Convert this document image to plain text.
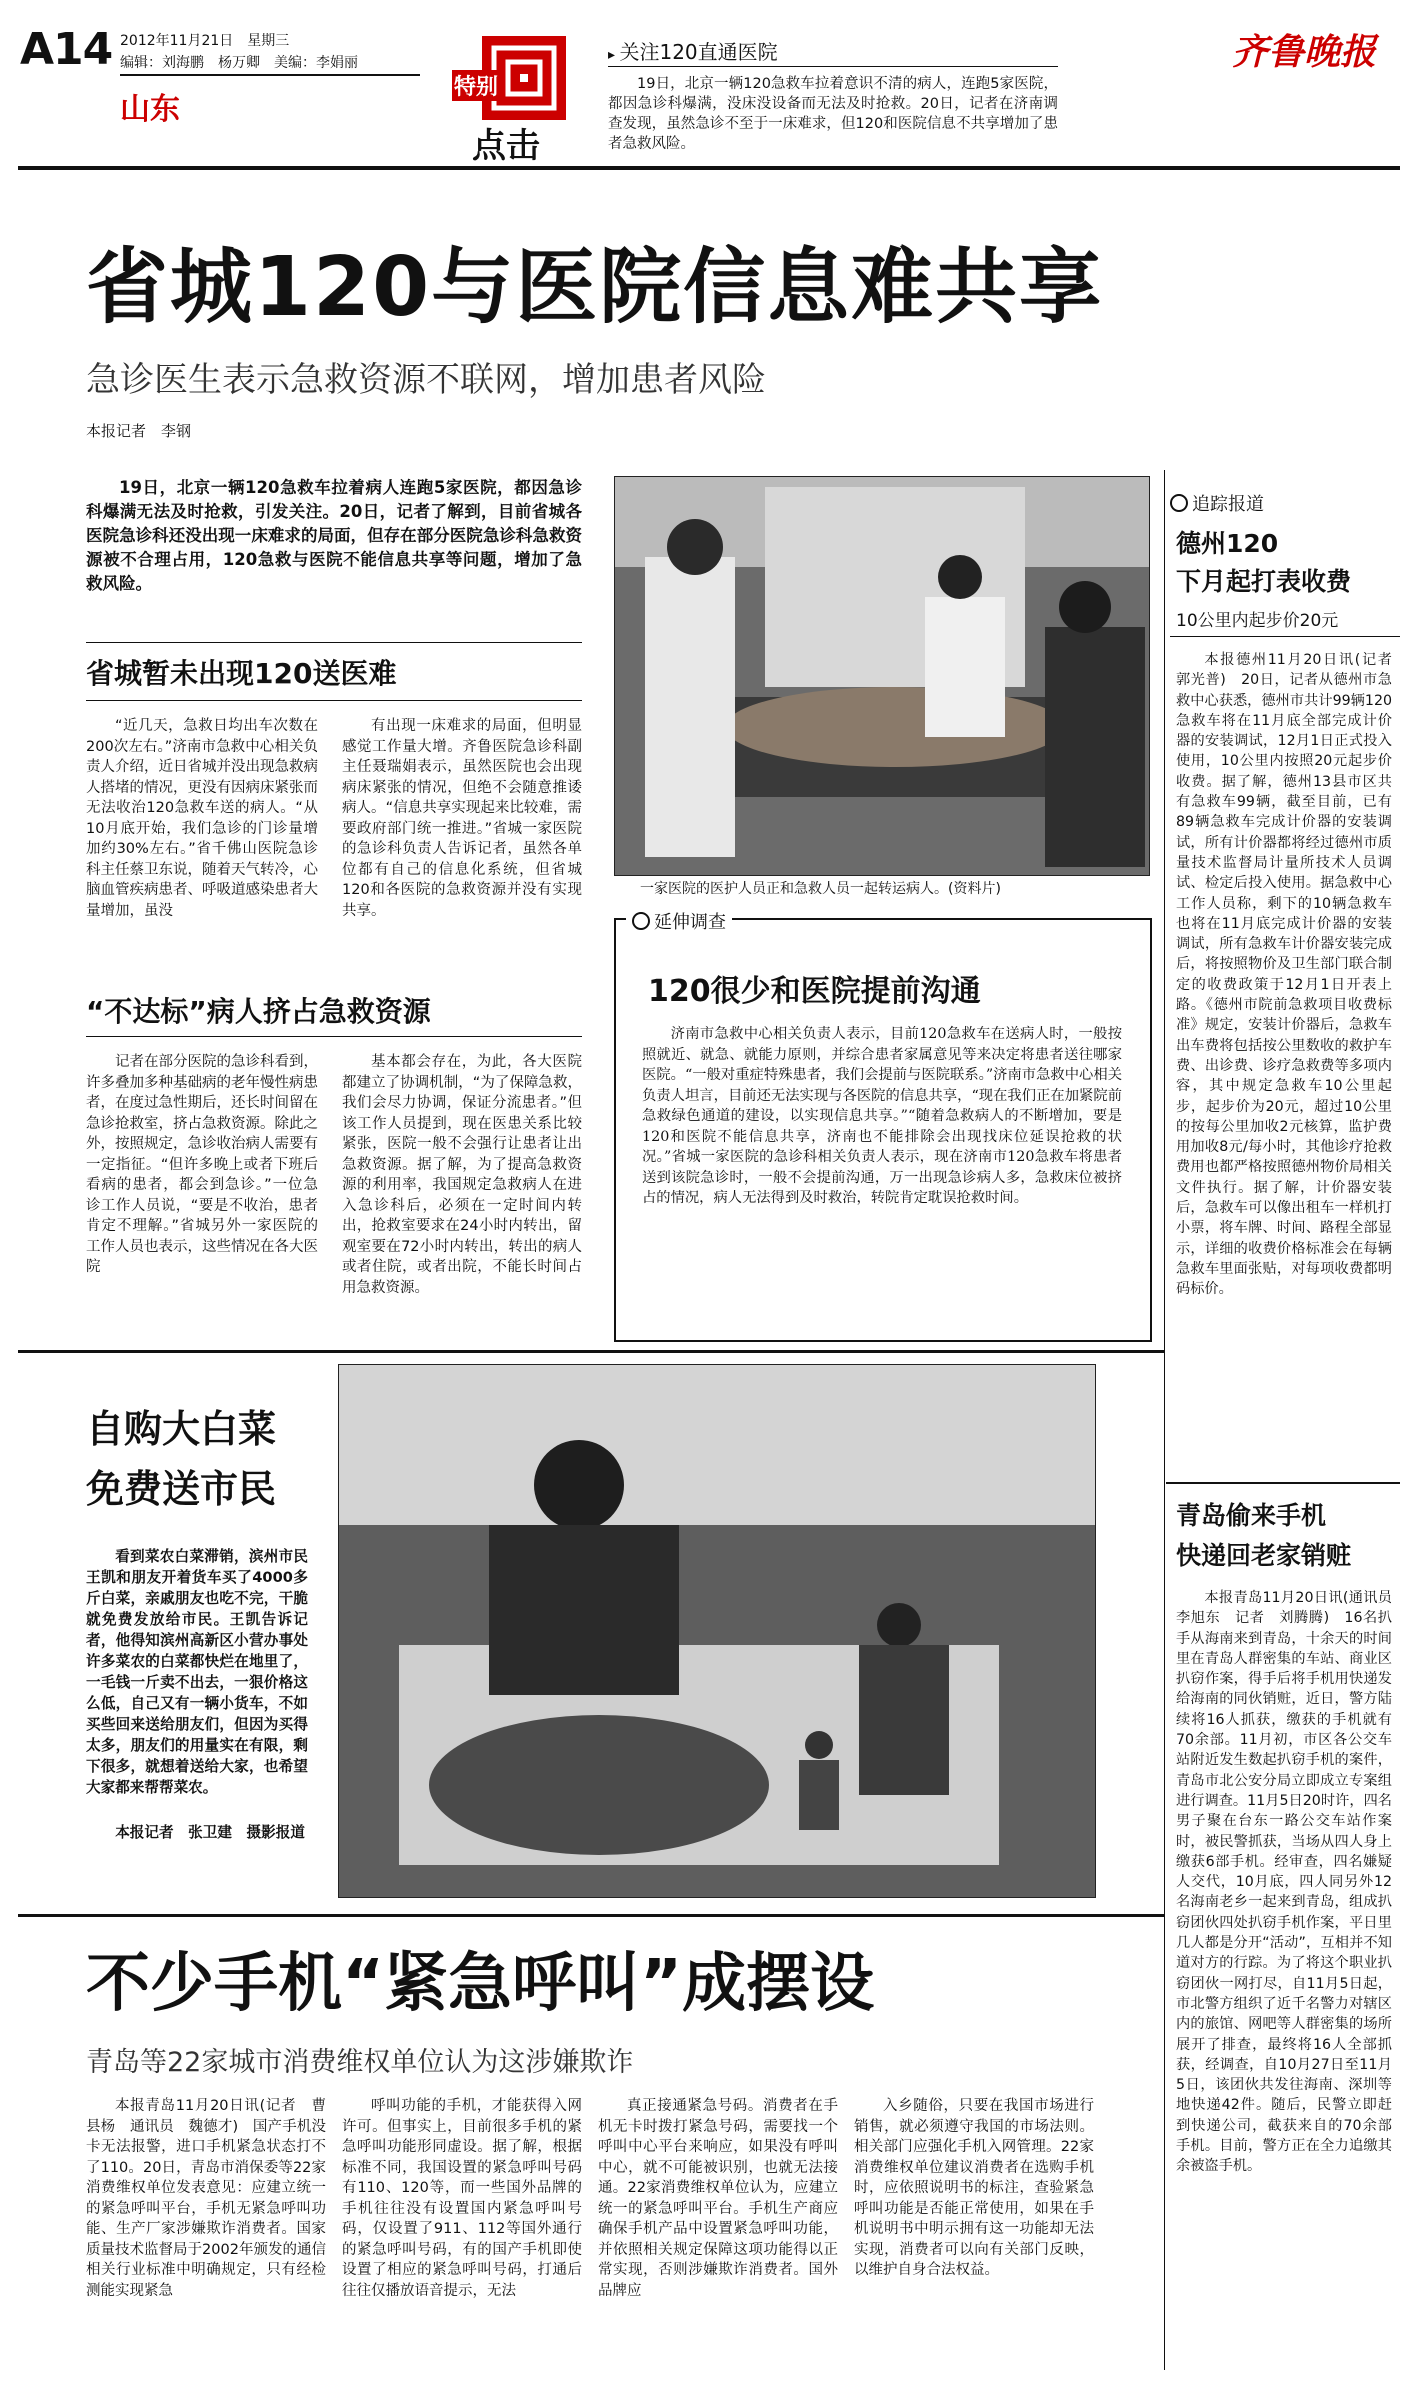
A14 2012年11月21日　星期三
编辑：刘海鹏　杨万卿　美编：李娟丽
山东
齐鲁晚报
特别
点击
▸ 关注120直通医院
19日，北京一辆120急救车拉着意识不清的病人，连跑5家医院，都因急诊科爆满，没床没设备而无法及时抢救。20日，记者在济南调查发现，虽然急诊不至于一床难求，但120和医院信息不共享增加了患者急救风险。
省城120与医院信息难共享
急诊医生表示急救资源不联网，增加患者风险
本报记者　李钢
19日，北京一辆120急救车拉着病人连跑5家医院，都因急诊科爆满无法及时抢救，引发关注。20日，记者了解到，目前省城各医院急诊科还没出现一床难求的局面，但存在部分医院急诊科急救资源被不合理占用，120急救与医院不能信息共享等问题，增加了急救风险。
一家医院的医护人员正和急救人员一起转运病人。(资料片)
省城暂未出现120送医难

“近几天，急救日均出车次数在200次左右。”济南市急救中心相关负责人介绍，近日省城并没出现急救病人搭堵的情况，更没有因病床紧张而无法收治120急救车送的病人。“从10月底开始，我们急诊的门诊量增加约30%左右。”省千佛山医院急诊科主任蔡卫东说，随着天气转冷，心脑血管疾病患者、呼吸道感染患者大量增加，虽没

有出现一床难求的局面，但明显感觉工作量大增。齐鲁医院急诊科副主任聂瑞娟表示，虽然医院也会出现病床紧张的情况，但绝不会随意推诿病人。“信息共享实现起来比较难，需要政府部门统一推进。”省城一家医院的急诊科负责人告诉记者，虽然各单位都有自己的信息化系统，但省城120和各医院的急救资源并没有实现共享。

“不达标”病人挤占急救资源

记者在部分医院的急诊科看到，许多叠加多种基础病的老年慢性病患者，在度过急性期后，还长时间留在急诊抢救室，挤占急救资源。除此之外，按照规定，急诊收治病人需要有一定指征。“但许多晚上或者下班后看病的患者，都会到急诊。”一位急诊工作人员说，“要是不收治，患者肯定不理解。”省城另外一家医院的工作人员也表示，这些情况在各大医院

基本都会存在，为此，各大医院都建立了协调机制，“为了保障急救，我们会尽力协调，保证分流患者。”但该工作人员提到，现在医患关系比较紧张，医院一般不会强行让患者让出急救资源。据了解，为了提高急救资源的利用率，我国规定急救病人在进入急诊科后，必须在一定时间内转出，抢救室要求在24小时内转出，留观室要在72小时内转出，转出的病人或者住院，或者出院，不能长时间占用急救资源。

延伸调查
120很少和医院提前沟通
济南市急救中心相关负责人表示，目前120急救车在送病人时，一般按照就近、就急、就能力原则，并综合患者家属意见等来决定将患者送往哪家医院。“一般对重症特殊患者，我们会提前与医院联系。”济南市急救中心相关负责人坦言，目前还无法实现与各医院的信息共享，“现在我们正在加紧院前急救绿色通道的建设，以实现信息共享。”“随着急救病人的不断增加，要是120和医院不能信息共享，济南也不能排除会出现找床位延误抢救的状况。”省城一家医院的急诊科相关负责人表示，现在济南市120急救车将患者送到该院急诊时，一般不会提前沟通，万一出现急诊病人多，急救床位被挤占的情况，病人无法得到及时救治，转院肯定耽误抢救时间。
追踪报道
德州120
下月起打表收费
10公里内起步价20元

本报德州11月20日讯(记者 郭光普)　20日，记者从德州市急救中心获悉，德州市共计99辆120急救车将在11月底全部完成计价器的安装调试，12月1日正式投入使用，10公里内按照20元起步价收费。据了解，德州13县市区共有急救车99辆，截至目前，已有89辆急救车完成计价器的安装调试，所有计价器都将经过德州市质量技术监督局计量所技术人员调试、检定后投入使用。据急救中心工作人员称，剩下的10辆急救车也将在11月底完成计价器的安装调试，所有急救车计价器安装完成后，将按照物价及卫生部门联合制定的收费政策于12月1日开表上路。《德州市院前急救项目收费标准》规定，安装计价器后，急救车出车费将包括按公里数收的救护车费、出诊费、诊疗急救费等多项内容，其中规定急救车10公里起步，起步价为20元，超过10公里的按每公里加收2元核算，监护费用加收8元/每小时，其他诊疗抢救费用也都严格按照德州物价局相关文件执行。据了解，计价器安装后，急救车可以像出租车一样机打小票，将车牌、时间、路程全部显示，详细的收费价格标准会在每辆急救车里面张贴，对每项收费都明码标价。

青岛偷来手机
快递回老家销赃

本报青岛11月20日讯(通讯员　李旭东　记者　刘腾腾)　16名扒手从海南来到青岛，十余天的时间里在青岛人群密集的车站、商业区扒窃作案，得手后将手机用快递发给海南的同伙销赃，近日，警方陆续将16人抓获，缴获的手机就有70余部。11月初，市区各公交车站附近发生数起扒窃手机的案件，青岛市北公安分局立即成立专案组进行调查。11月5日20时许，四名男子聚在台东一路公交车站作案时，被民警抓获，当场从四人身上缴获6部手机。经审查，四名嫌疑人交代，10月底，四人同另外12名海南老乡一起来到青岛，组成扒窃团伙四处扒窃手机作案，平日里几人都是分开“活动”，互相并不知道对方的行踪。为了将这个职业扒窃团伙一网打尽，自11月5日起，市北警方组织了近千名警力对辖区内的旅馆、网吧等人群密集的场所展开了排查，最终将16人全部抓获，经调查，自10月27日至11月5日，该团伙共发往海南、深圳等地快递42件。随后，民警立即赶到快递公司，截获来自的70余部手机。目前，警方正在全力追缴其余被盗手机。

自购大白菜
免费送市民

看到菜农白菜滞销，滨州市民王凯和朋友开着货车买了4000多斤白菜，亲戚朋友也吃不完，干脆就免费发放给市民。王凯告诉记者，他得知滨州高新区小营办事处许多菜农的白菜都快烂在地里了，一毛钱一斤卖不出去，一狠价格这么低，自己又有一辆小货车，不如买些回来送给朋友们，但因为买得太多，朋友们的用量实在有限，剩下很多，就想着送给大家，也希望大家都来帮帮菜农。

本报记者　张卫建　摄影报道
不少手机“紧急呼叫”成摆设
青岛等22家城市消费维权单位认为这涉嫌欺诈

本报青岛11月20日讯(记者　曹县杨　通讯员　魏德才)　国产手机没卡无法报警，进口手机紧急状态打不了110。20日，青岛市消保委等22家消费维权单位发表意见：应建立统一的紧急呼叫平台，手机无紧急呼叫功能、生产厂家涉嫌欺诈消费者。国家质量技术监督局于2002年颁发的通信相关行业标准中明确规定，只有经检测能实现紧急

呼叫功能的手机，才能获得入网许可。但事实上，目前很多手机的紧急呼叫功能形同虚设。据了解，根据标准不同，我国设置的紧急呼叫号码有110、120等，而一些国外品牌的手机往往没有设置国内紧急呼叫号码，仅设置了911、112等国外通行的紧急呼叫号码，有的国产手机即使设置了相应的紧急呼叫号码，打通后往往仅播放语音提示，无法

真正接通紧急号码。消费者在手机无卡时拨打紧急号码，需要找一个呼叫中心平台来响应，如果没有呼叫中心，就不可能被识别，也就无法接通。22家消费维权单位认为，应建立统一的紧急呼叫平台。手机生产商应确保手机产品中设置紧急呼叫功能，并依照相关规定保障这项功能得以正常实现，否则涉嫌欺诈消费者。国外品牌应

入乡随俗，只要在我国市场进行销售，就必须遵守我国的市场法则。相关部门应强化手机入网管理。22家消费维权单位建议消费者在选购手机时，应依照说明书的标注，查验紧急呼叫功能是否能正常使用，如果在手机说明书中明示拥有这一功能却无法实现，消费者可以向有关部门反映，以维护自身合法权益。
